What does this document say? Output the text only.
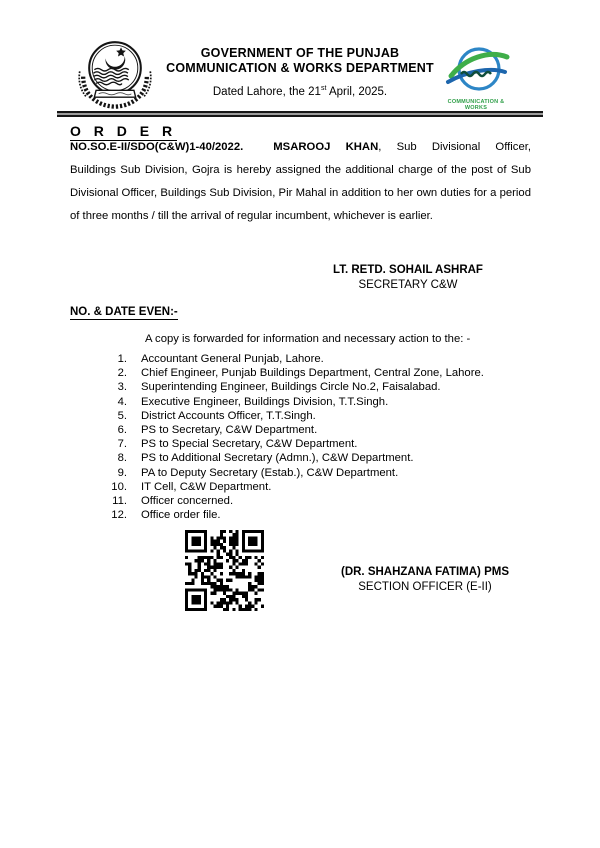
GOVERNMENT OF THE PUNJAB
COMMUNICATION & WORKS DEPARTMENT
Dated Lahore, the 21st April, 2025.
COMMUNICATION & WORKS
O R D E R

NO.SO.E-II/SDO(C&W)1-40/2022.	MSAROOJ KHAN, Sub Divisional Officer, Buildings Sub Division, Gojra is hereby assigned the additional charge of the post of Sub Divisional Officer, Buildings Sub Division, Pir Mahal in addition to her own duties for a period of three months / till the arrival of regular incumbent, whichever is earlier.

LT. RETD. SOHAIL ASHRAF
SECRETARY C&W
NO. & DATE EVEN:-
A copy is forwarded for information and necessary action to the: -
1. Accountant General Punjab, Lahore.
2. Chief Engineer, Punjab Buildings Department, Central Zone, Lahore.
3. Superintending Engineer, Buildings Circle No.2, Faisalabad.
4. Executive Engineer, Buildings Division, T.T.Singh.
5. District Accounts Officer, T.T.Singh.
6. PS to Secretary, C&W Department.
7. PS to Special Secretary, C&W Department.
8. PS to Additional Secretary (Admn.), C&W Department.
9. PA to Deputy Secretary (Estab.), C&W Department.
10. IT Cell, C&W Department.
11. Officer concerned.
12. Office order file.
(DR. SHAHZANA FATIMA) PMS
SECTION OFFICER (E-II)
